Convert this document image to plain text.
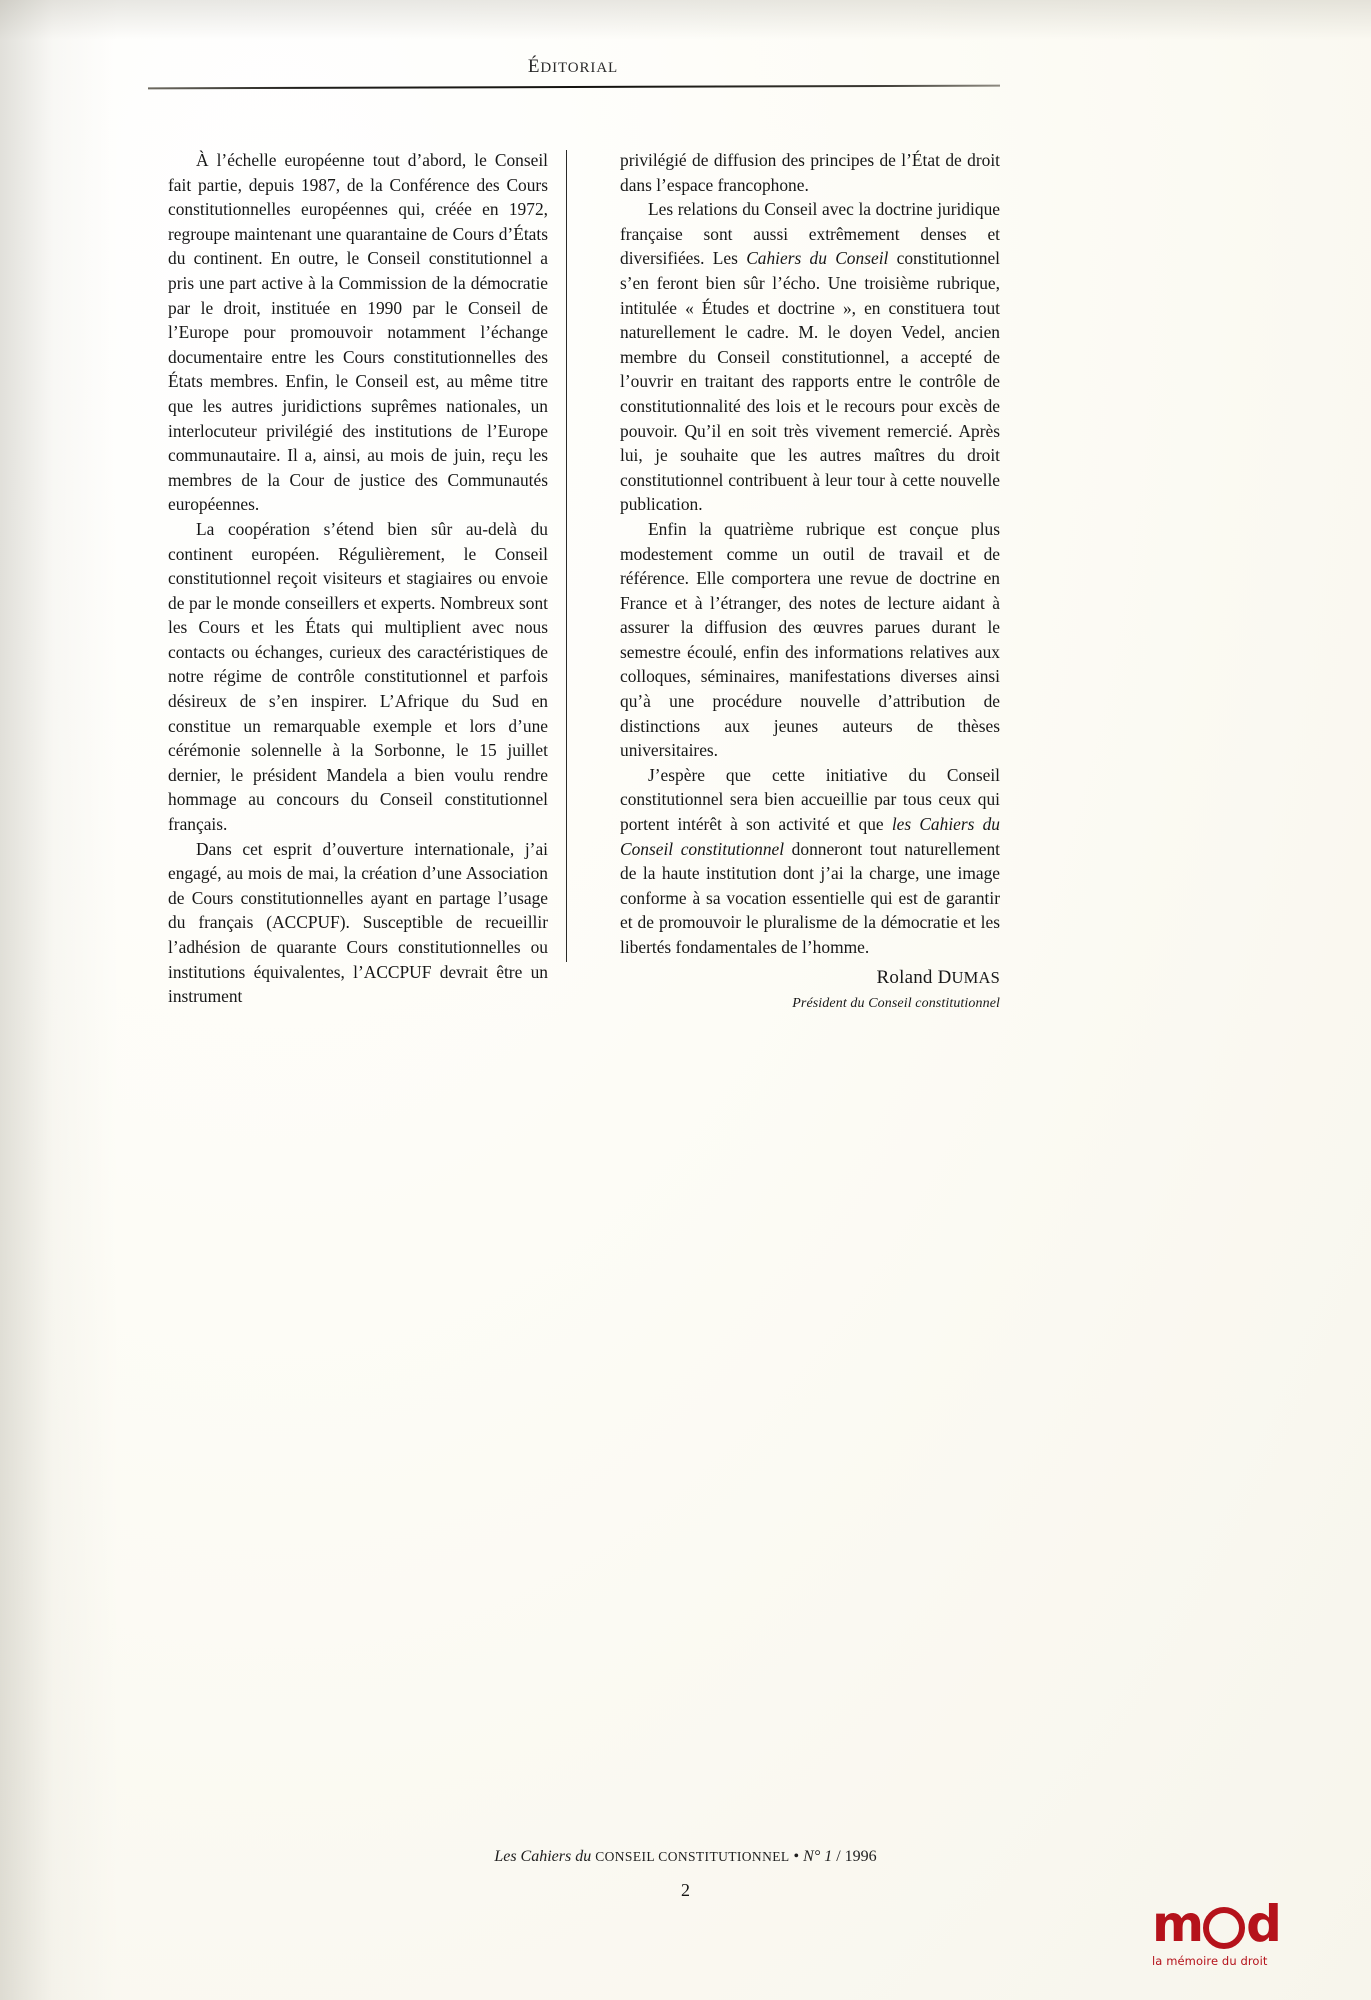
ÉDITORIAL

À l’échelle européenne tout d’abord, le Conseil fait partie, depuis 1987, de la Conférence des Cours constitutionnelles européennes qui, créée en 1972, regroupe maintenant une quarantaine de Cours d’États du continent. En outre, le Conseil constitutionnel a pris une part active à la Commission de la démocratie par le droit, instituée en 1990 par le Conseil de l’Europe pour promouvoir notamment l’échange documentaire entre les Cours constitutionnelles des États membres. Enfin, le Conseil est, au même titre que les autres juridictions suprêmes nationales, un interlocuteur privilégié des institutions de l’Europe communautaire. Il a, ainsi, au mois de juin, reçu les membres de la Cour de justice des Communautés européennes.

La coopération s’étend bien sûr au-delà du continent européen. Régulièrement, le Conseil constitutionnel reçoit visiteurs et stagiaires ou envoie de par le monde conseillers et experts. Nombreux sont les Cours et les États qui multiplient avec nous contacts ou échanges, curieux des caractéristiques de notre régime de contrôle constitutionnel et parfois désireux de s’en inspirer. L’Afrique du Sud en constitue un remarquable exemple et lors d’une cérémonie solennelle à la Sorbonne, le 15 juillet dernier, le président Mandela a bien voulu rendre hommage au concours du Conseil constitutionnel français.

Dans cet esprit d’ouverture internationale, j’ai engagé, au mois de mai, la création d’une Association de Cours constitutionnelles ayant en partage l’usage du français (ACCPUF). Susceptible de recueillir l’adhésion de quarante Cours constitutionnelles ou institutions équivalentes, l’ACCPUF devrait être un instrument

privilégié de diffusion des principes de l’État de droit dans l’espace francophone.

Les relations du Conseil avec la doctrine juridique française sont aussi extrêmement denses et diversifiées. Les Cahiers du Conseil constitutionnel s’en feront bien sûr l’écho. Une troisième rubrique, intitulée « Études et doctrine », en constituera tout naturellement le cadre. M. le doyen Vedel, ancien membre du Conseil constitutionnel, a accepté de l’ouvrir en traitant des rapports entre le contrôle de constitutionnalité des lois et le recours pour excès de pouvoir. Qu’il en soit très vivement remercié. Après lui, je souhaite que les autres maîtres du droit constitutionnel contribuent à leur tour à cette nouvelle publication.

Enfin la quatrième rubrique est conçue plus modestement comme un outil de travail et de référence. Elle comportera une revue de doctrine en France et à l’étranger, des notes de lecture aidant à assurer la diffusion des œuvres parues durant le semestre écoulé, enfin des informations relatives aux colloques, séminaires, manifestations diverses ainsi qu’à une procédure nouvelle d’attribution de distinctions aux jeunes auteurs de thèses universitaires.

J’espère que cette initiative du Conseil constitutionnel sera bien accueillie par tous ceux qui portent intérêt à son activité et que les Cahiers du Conseil constitutionnel donneront tout naturellement de la haute institution dont j’ai la charge, une image conforme à sa vocation essentielle qui est de garantir et de promouvoir le pluralisme de la démocratie et les libertés fondamentales de l’homme.

Roland DUMAS
Président du Conseil constitutionnel
Les Cahiers du CONSEIL CONSTITUTIONNEL • N° 1 / 1996
2
m d
la mémoire du droit
